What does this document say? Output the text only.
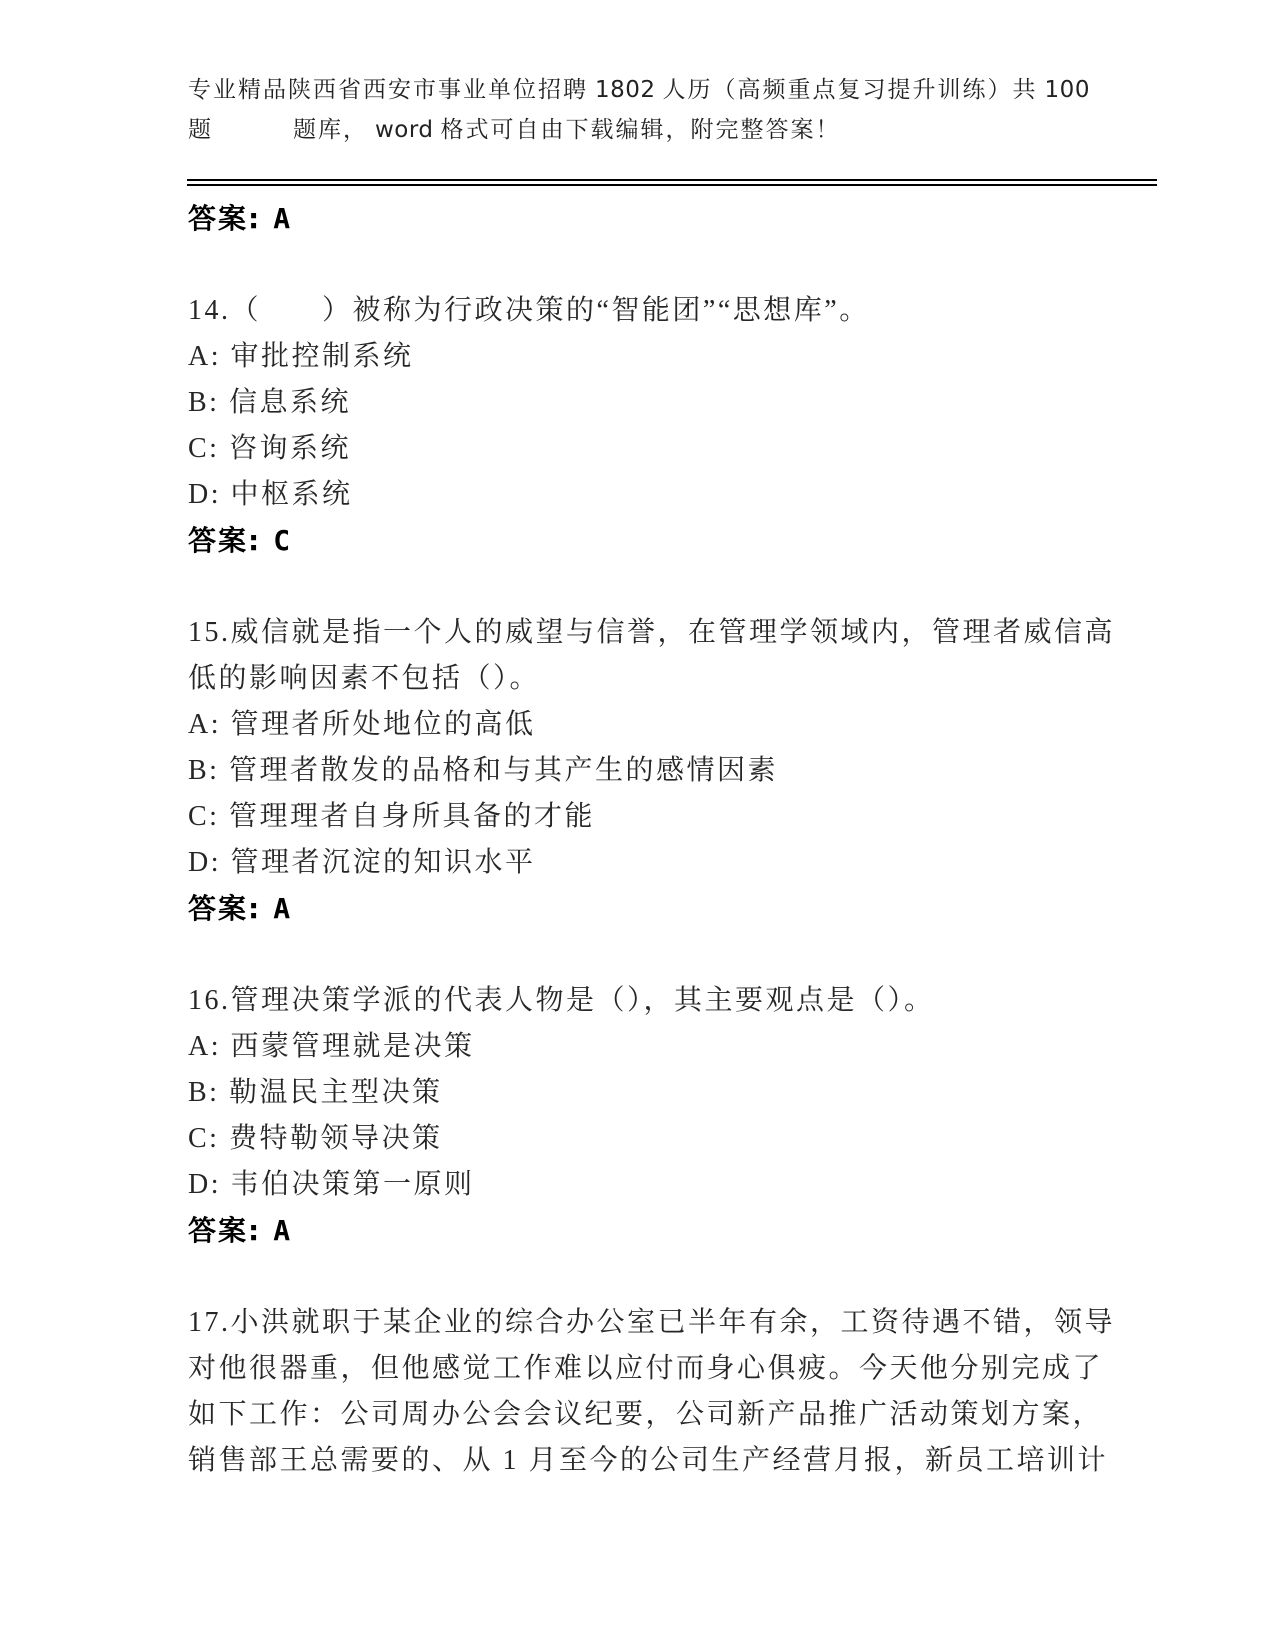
专业精品陕西省西安市事业单位招聘 1802 人历（高频重点复习提升训练）共 100
题	题库， word 格式可自由下载编辑，附完整答案！
答案: A
14.（　　）被称为行政决策的“智能团”“思想库”。
A: 审批控制系统
B: 信息系统
C: 咨询系统
D: 中枢系统
答案: C
15.威信就是指一个人的威望与信誉，在管理学领域内，管理者威信高
低的影响因素不包括（）。
A: 管理者所处地位的高低
B: 管理者散发的品格和与其产生的感情因素
C: 管理理者自身所具备的才能
D: 管理者沉淀的知识水平
答案: A
16.管理决策学派的代表人物是（），其主要观点是（）。
A: 西蒙管理就是决策
B: 勒温民主型决策
C: 费特勒领导决策
D: 韦伯决策第一原则
答案: A
17.小洪就职于某企业的综合办公室已半年有余，工资待遇不错，领导
对他很器重，但他感觉工作难以应付而身心俱疲。今天他分别完成了
如下工作：公司周办公会会议纪要，公司新产品推广活动策划方案，
销售部王总需要的、从 1 月至今的公司生产经营月报，新员工培训计
